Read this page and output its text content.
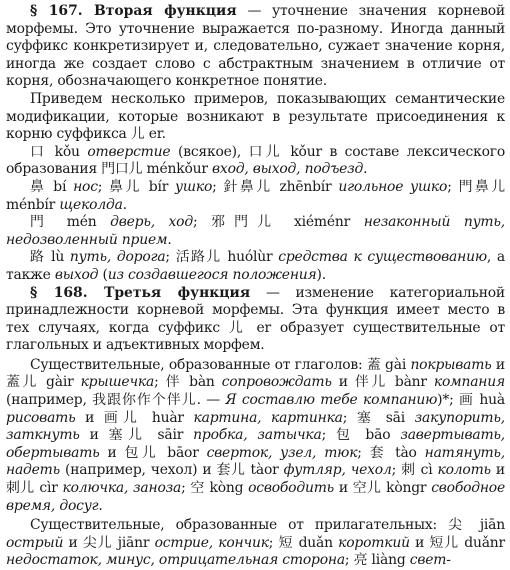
§ 167. Вторая функция — уточнение значения корневой морфемы. Это уточнение выражается по-разному. Иногда данный суффикс конкретизирует и, следовательно, сужает значение корня, иногда же создает слово с абстрактным значением в отличие от корня, обозначающего конкретное понятие.

Приведем несколько примеров, показывающих семантические модификации, которые возникают в результате присоединения к корню суффикса 儿 er.

口 kǒu отверстие (всякое), 口儿 kǒur в составе лексического образования 門口儿 ménkǒur вход, выход, подъезд.

鼻 bí нос; 鼻儿 bír ушко; 針鼻儿 zhēnbír игольное ушко; 門鼻儿 ménbír щеколда.

門 mén дверь, ход; 邪門儿 xiéménr незаконный путь, недозволенный прием.

路 lù путь, дорога; 活路儿 huólùr средства к существованию, а также выход (из создавшегося положения).

§ 168. Третья функция — изменение категориальной принадлежности корневой морфемы. Эта функция имеет место в тех случаях, когда суффикс 儿 er образует существительные от глагольных и адъективных морфем.

Существительные, образованные от глаголов: 蓋 gài покрывать и 蓋儿 gàir крышечка; 伴 bàn сопровождать и 伴儿 bànr компания (например, 我跟你作个伴儿. — Я составлю тебе компанию)*; 画 huà рисовать и 画儿 huàr картина, картинка; 塞 sāi закупорить, заткнуть и 塞儿 sāir пробка, затычка; 包 bāo завертывать, обертывать и 包儿 bāor сверток, узел, тюк; 套 tào натянуть, надеть (например, чехол) и 套儿 tàor футляр, чехол; 刺 cì колоть и 刺儿 cìr колючка, заноза; 空 kòng освободить и 空儿 kòngr свободное время, досуг.

Существительные, образованные от прилагательных: 尖 jiān острый и 尖儿 jiānr острие, кончик; 短 duǎn короткий и 短儿 duǎnr недостаток, минус, отрицательная сторона; 亮 liàng свет-
